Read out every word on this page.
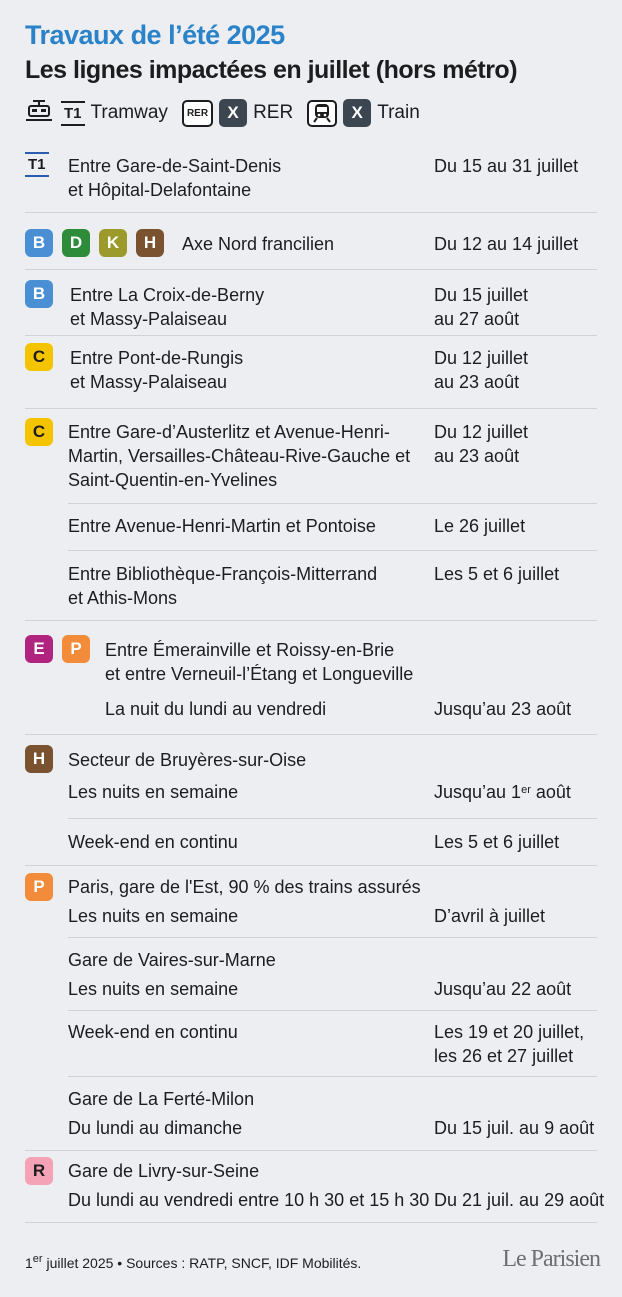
Travaux de l’été 2025
Les lignes impactées en juillet (hors métro)
T1 Tramway	RER	X RER	X Train
T1 Entre Gare-de-Saint-Denis
et Hôpital-Delafontaine
Du 15 au 31 juillet
B	D	K	H	Axe Nord francilien	Du 12 au 14 juillet
B	Entre La Croix-de-Berny
et Massy-Palaiseau
Du 15 juillet
au 27 août
C	Entre Pont-de-Rungis
et Massy-Palaiseau
Du 12 juillet
au 23 août
C	Entre Gare-d’Austerlitz et Avenue-Henri-
Martin, Versailles-Château-Rive-Gauche et
Saint-Quentin-en-Yvelines
Du 12 juillet
au 23 août
Entre Avenue-Henri-Martin et Pontoise	Le 26 juillet
Entre Bibliothèque-François-Mitterrand
et Athis-Mons
Les 5 et 6 juillet
E	P	Entre Émerainville et Roissy-en-Brie
et entre Verneuil-l’Étang et Longueville
La nuit du lundi au vendredi	Jusqu’au 23 août
H	Secteur de Bruyères-sur-Oise
Les nuits en semaine	Jusqu’au 1er août
Week-end en continu	Les 5 et 6 juillet
P	Paris, gare de l'Est, 90 % des trains assurés
Les nuits en semaine	D’avril à juillet
Gare de Vaires-sur-Marne
Les nuits en semaine	Jusqu’au 22 août
Week-end en continu	Les 19 et 20 juillet,
les 26 et 27 juillet
Gare de La Ferté-Milon
Du lundi au dimanche	Du 15 juil. au 9 août
R	Gare de Livry-sur-Seine
Du lundi au vendredi entre 10 h 30 et 15 h 30 Du 21 juil. au 29 août
1er juillet 2025 • Sources : RATP, SNCF, IDF Mobilités.	Le Parisien
